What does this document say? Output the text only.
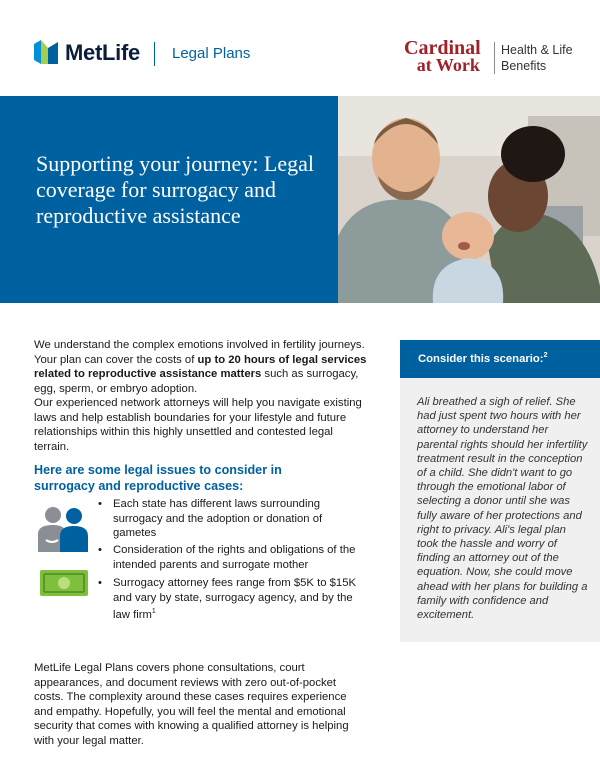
MetLife Legal Plans	Cardinal
at Work
Health & Life
Benefits
Supporting your journey: Legal coverage for surrogacy and reproductive assistance
We understand the complex emotions involved in fertility journeys. Your plan can cover the costs of up to 20 hours of legal services related to reproductive assistance matters such as surrogacy, egg, sperm, or embryo adoption.
Our experienced network attorneys will help you navigate existing laws and help establish boundaries for your lifestyle and future relationships within this highly unsettled and contested legal terrain.
Here are some legal issues to consider in surrogacy and reproductive cases:
• Each state has different laws surrounding surrogacy and the adoption or donation of gametes
• Consideration of the rights and obligations of the intended parents and surrogate mother
• Surrogacy attorney fees range from $5K to $15K and vary by state, surrogacy agency, and by the law firm$^1$
MetLife Legal Plans covers phone consultations, court appearances, and document reviews with zero out-of-pocket costs. The complexity around these cases requires experience and empathy. Hopefully, you will feel the mental and emotional security that comes with knowing a qualified attorney is helping with your legal matter.
Consider this scenario:$^2$
Ali breathed a sigh of relief. She had just spent two hours with her attorney to understand her parental rights should her infertility treatment result in the conception of a child. She didn't want to go through the emotional labor of selecting a donor until she was fully aware of her protections and right to privacy. Ali's legal plan took the hassle and worry of finding an attorney out of the equation. Now, she could move ahead with her plans for building a family with confidence and excitement.
